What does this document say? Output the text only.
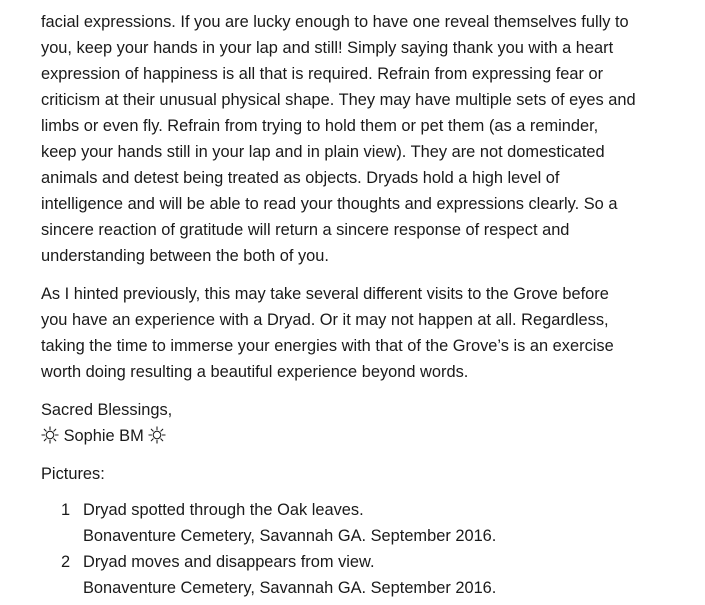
facial expressions. If you are lucky enough to have one reveal themselves fully to
you, keep your hands in your lap and still! Simply saying thank you with a heart
expression of happiness is all that is required. Refrain from expressing fear or
criticism at their unusual physical shape. They may have multiple sets of eyes and
limbs or even fly. Refrain from trying to hold them or pet them (as a reminder,
keep your hands still in your lap and in plain view). They are not domesticated
animals and detest being treated as objects. Dryads hold a high level of
intelligence and will be able to read your thoughts and expressions clearly. So a
sincere reaction of gratitude will return a sincere response of respect and
understanding between the both of you.

As I hinted previously, this may take several different visits to the Grove before
you have an experience with a Dryad. Or it may not happen at all. Regardless,
taking the time to immerse your energies with that of the Grove’s is an exercise
worth doing resulting a beautiful experience beyond words.

Sacred Blessings,
Sophie BM
Pictures:
1 Dryad spotted through the Oak leaves.
Bonaventure Cemetery, Savannah GA. September 2016.
2 Dryad moves and disappears from view.
Bonaventure Cemetery, Savannah GA. September 2016.
